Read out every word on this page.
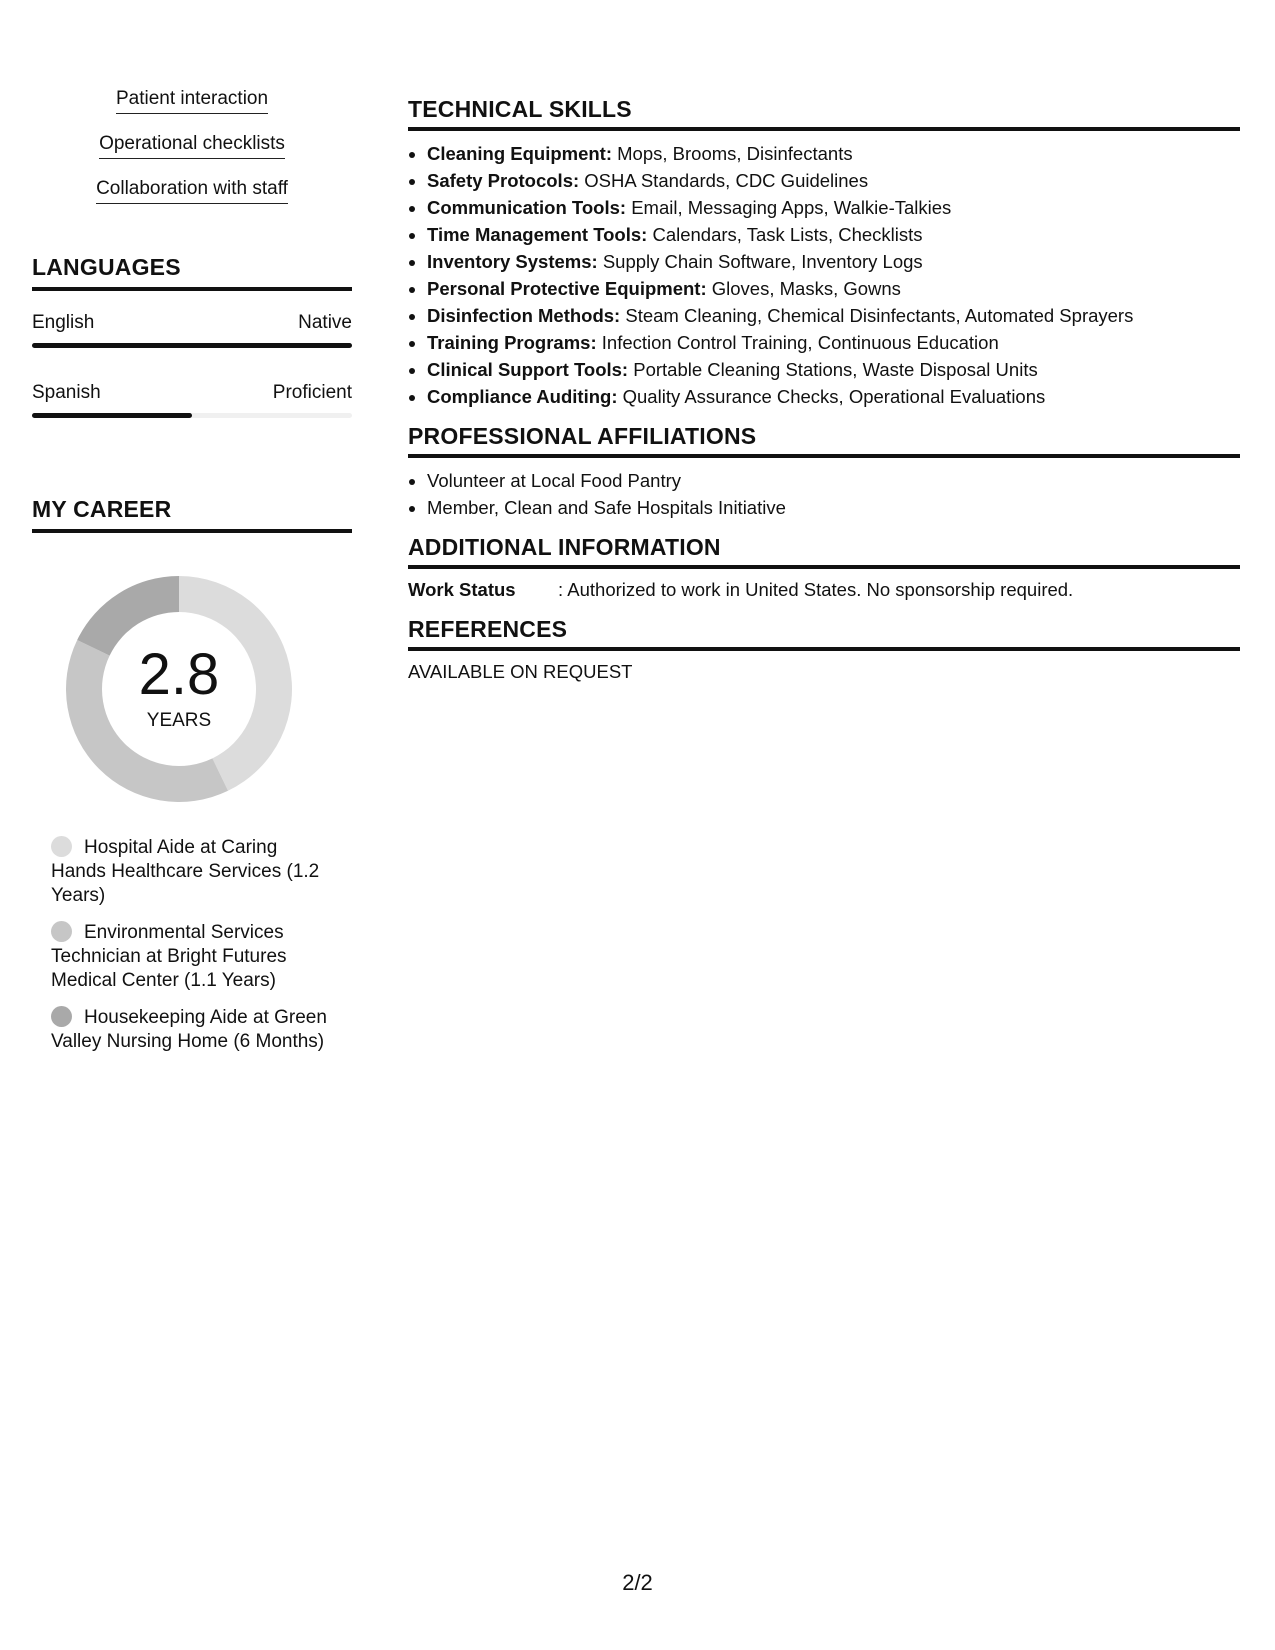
Patient interaction
Operational checklists
Collaboration with staff
LANGUAGES
English	Native
Spanish	Proficient
MY CAREER
2.8
YEARS
Hospital Aide at Caring Hands Healthcare Services (1.2 Years)
Environmental Services Technician at Bright Futures Medical Center (1.1 Years)
Housekeeping Aide at Green Valley Nursing Home (6 Months)
TECHNICAL SKILLS
• Cleaning Equipment: Mops, Brooms, Disinfectants
• Safety Protocols: OSHA Standards, CDC Guidelines
• Communication Tools: Email, Messaging Apps, Walkie-Talkies
• Time Management Tools: Calendars, Task Lists, Checklists
• Inventory Systems: Supply Chain Software, Inventory Logs
• Personal Protective Equipment: Gloves, Masks, Gowns
• Disinfection Methods: Steam Cleaning, Chemical Disinfectants, Automated Sprayers
• Training Programs: Infection Control Training, Continuous Education
• Clinical Support Tools: Portable Cleaning Stations, Waste Disposal Units
• Compliance Auditing: Quality Assurance Checks, Operational Evaluations
PROFESSIONAL AFFILIATIONS
• Volunteer at Local Food Pantry
• Member, Clean and Safe Hospitals Initiative
ADDITIONAL INFORMATION
Work Status	: Authorized to work in United States. No sponsorship required.
REFERENCES
AVAILABLE ON REQUEST
2/2
